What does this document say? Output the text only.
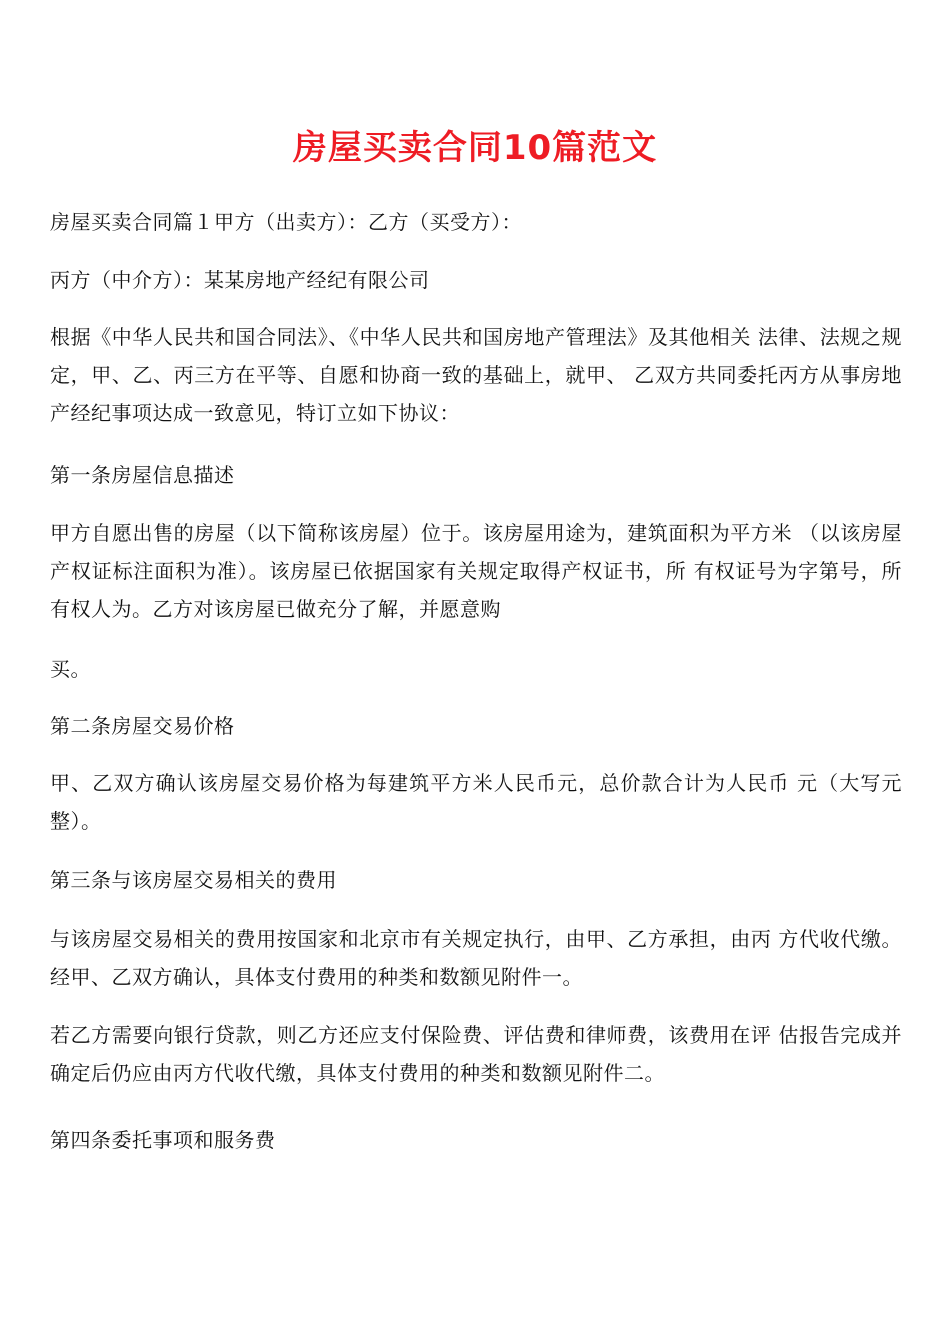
房屋买卖合同10篇范文

房屋买卖合同篇１甲方（出卖方）：乙方（买受方）：

丙方（中介方）：某某房地产经纪有限公司

根据《中华人民共和国合同法》、《中华人民共和国房地产管理法》及其他相关 法律、法规之规定，甲、乙、丙三方在平等、自愿和协商一致的基础上，就甲、 乙双方共同委托丙方从事房地产经纪事项达成一致意见，特订立如下协议：

第一条房屋信息描述

甲方自愿出售的房屋（以下简称该房屋）位于。该房屋用途为，建筑面积为平方米 （以该房屋产权证标注面积为准）。该房屋已依据国家有关规定取得产权证书，所 有权证号为字第号，所有权人为。乙方对该房屋已做充分了解，并愿意购

买。

第二条房屋交易价格

甲、乙双方确认该房屋交易价格为每建筑平方米人民币元，总价款合计为人民币 元（大写元整）。

第三条与该房屋交易相关的费用

与该房屋交易相关的费用按国家和北京市有关规定执行，由甲、乙方承担，由丙 方代收代缴。经甲、乙双方确认，具体支付费用的种类和数额见附件一。

若乙方需要向银行贷款，则乙方还应支付保险费、评估费和律师费，该费用在评 估报告完成并确定后仍应由丙方代收代缴，具体支付费用的种类和数额见附件二。

第四条委托事项和服务费
